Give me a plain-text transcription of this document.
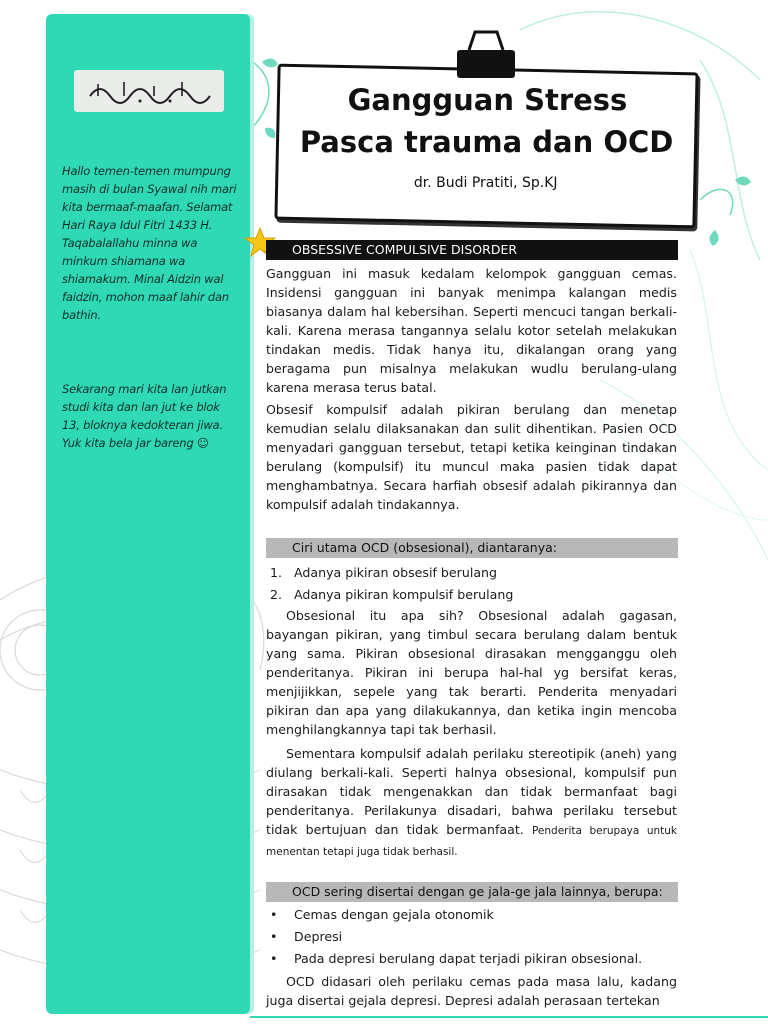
Hallo temen-temen mumpung masih di bulan Syawal nih mari kita bermaaf-maafan. Selamat Hari Raya Idul Fitri 1433 H. Taqabalallahu minna wa minkum shiamana wa shiamakum. Minal Aidzin wal faidzin, mohon maaf lahir dan bathin.

Sekarang mari kita lan jutkan studi kita dan lan jut ke blok 13, bloknya kedokteran jiwa. Yuk kita bela jar bareng ☺

Gangguan Stress
Pasca trauma dan OCD
dr. Budi Pratiti, Sp.KJ
OBSESSIVE COMPULSIVE DISORDER

Gangguan ini masuk kedalam kelompok gangguan cemas. Insidensi gangguan ini banyak menimpa kalangan medis biasanya dalam hal kebersihan. Seperti mencuci tangan berkali-kali. Karena merasa tangannya selalu kotor setelah melakukan tindakan medis. Tidak hanya itu, dikalangan orang yang beragama pun misalnya melakukan wudlu berulang-ulang karena merasa terus batal.

Obsesif kompulsif adalah pikiran berulang dan menetap kemudian selalu dilaksanakan dan sulit dihentikan. Pasien OCD menyadari gangguan tersebut, tetapi ketika keinginan tindakan berulang (kompulsif) itu muncul maka pasien tidak dapat menghambatnya. Secara harfiah obsesif adalah pikirannya dan kompulsif adalah tindakannya.

Ciri utama OCD (obsesional), diantaranya:
1. Adanya pikiran obsesif berulang
2. Adanya pikiran kompulsif berulang

Obsesional itu apa sih? Obsesional adalah gagasan, bayangan pikiran, yang timbul secara berulang dalam bentuk yang sama. Pikiran obsesional dirasakan mengganggu oleh penderitanya. Pikiran ini berupa hal-hal yg bersifat keras, menjijikkan, sepele yang tak berarti. Penderita menyadari pikiran dan apa yang dilakukannya, dan ketika ingin mencoba menghilangkannya tapi tak berhasil.

Sementara kompulsif adalah perilaku stereotipik (aneh) yang diulang berkali-kali. Seperti halnya obsesional, kompulsif pun dirasakan tidak mengenakkan dan tidak bermanfaat bagi penderitanya. Perilakunya disadari, bahwa perilaku tersebut tidak bertujuan dan tidak bermanfaat. Penderita berupaya untuk menentan tetapi juga tidak berhasil.

OCD sering disertai dengan ge jala-ge jala lainnya, berupa:
• Cemas dengan gejala otonomik
• Depresi
• Pada depresi berulang dapat terjadi pikiran obsesional.

OCD didasari oleh perilaku cemas pada masa lalu, kadang juga disertai gejala depresi. Depresi adalah perasaan tertekan
